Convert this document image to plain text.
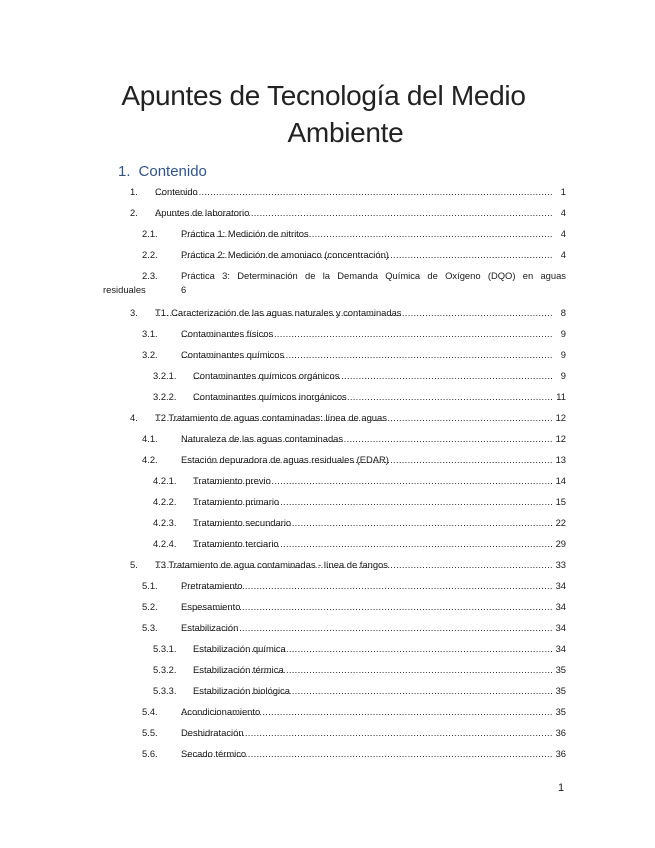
Apuntes de Tecnología del Medio
Ambiente
1. Contenido
1. Contenido .....	1
2. Apuntes de laboratorio .....	4
2.1. Práctica 1: Medición de nitritos .....	4
2.2. Práctica 2: Medición de amoniaco (concentración) .....	4
2.3. Práctica 3: Determinación de la Demanda Química de Oxígeno (DQO) en aguas
residuales	6
3. T1. Caracterización de las aguas naturales y contaminadas .....	8
3.1. Contaminantes físicos .....	9
3.2. Contaminantes químicos .....	9
3.2.1. Contaminantes químicos orgánicos .....	9
3.2.2. Contaminantes químicos inorgánicos .....	11
4. T2 Tratamiento de aguas contaminadas: línea de aguas .....	12
4.1. Naturaleza de las aguas contaminadas .....	12
4.2. Estación depuradora de aguas residuales (EDAR) .....	13
4.2.1. Tratamiento previo .....	14
4.2.2. Tratamiento primario .....	15
4.2.3. Tratamiento secundario .....	22
4.2.4. Tratamiento terciario .....	29
5. T3 Tratamiento de agua contaminadas - línea de fangos .....	33
5.1. Pretratamiento .....	34
5.2. Espesamiento .....	34
5.3. Estabilización .....	34
5.3.1. Estabilización química .....	34
5.3.2. Estabilización térmica .....	35
5.3.3. Estabilización biológica .....	35
5.4. Acondicionamiento .....	35
5.5. Deshidratación .....	36
5.6. Secado térmico .....	36
1
